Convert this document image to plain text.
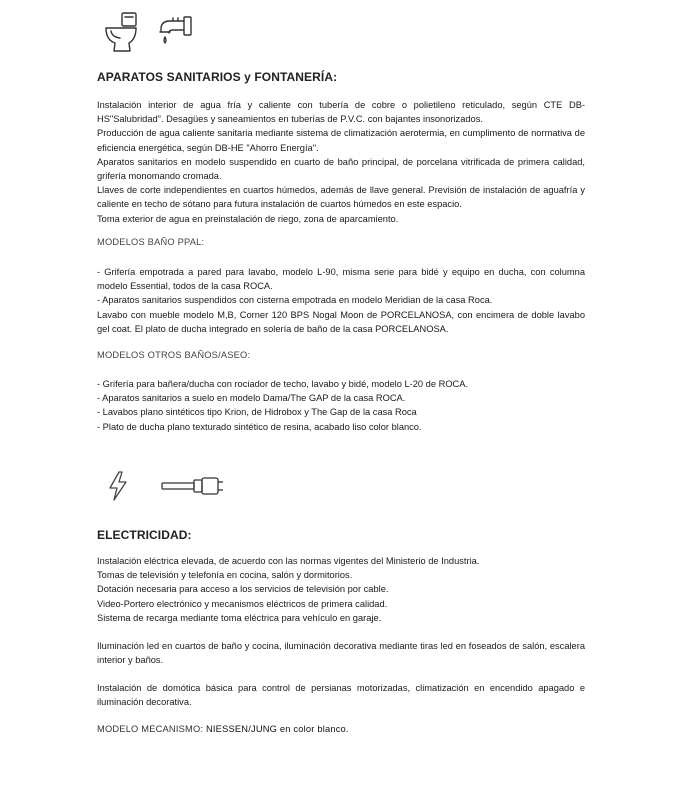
APARATOS SANITARIOS y FONTANERÍA:

Instalación interior de agua fría y caliente con tubería de cobre o polietileno reticulado, según CTE DB-HS"Salubridad". Desagües y saneamientos en tuberías de P.V.C. con bajantes insonorizados.

Producción de agua caliente sanitaria mediante sistema de climatización aerotermia, en cumplimento de normativa de eficiencia energética, según DB-HE "Ahorro Energía".

Aparatos sanitarios en modelo suspendido en cuarto de baño principal, de porcelana vitrificada de primera calidad, grifería monomando cromada.

Llaves de corte independientes en cuartos húmedos, además de llave general. Previsión de instalación de aguafría y caliente en techo de sótano para futura instalación de cuartos húmedos en este espacio.

Toma exterior de agua en preinstalación de riego, zona de aparcamiento.

MODELOS BAÑO PPAL:

- Grifería empotrada a pared para lavabo, modelo L-90, misma serie para bidé y equipo en ducha, con columna modelo Essential, todos de la casa ROCA.

- Aparatos sanitarios suspendidos con cisterna empotrada en modelo Meridian de la casa Roca.

Lavabo con mueble modelo M,B, Corner 120 BPS Nogal Moon de PORCELANOSA, con encimera de doble lavabo gel coat. El plato de ducha integrado en solería de baño de la casa PORCELANOSA.

MODELOS OTROS BAÑOS/ASEO:

- Grifería para bañera/ducha con rociador de techo, lavabo y bidé, modelo L-20 de ROCA.

- Aparatos sanitarios a suelo en modelo Dama/The GAP de la casa ROCA.

- Lavabos plano sintéticos tipo Krion, de Hidrobox y The Gap de la casa Roca

- Plato de ducha plano texturado sintético de resina, acabado liso color blanco.

ELECTRICIDAD:

Instalación eléctrica elevada, de acuerdo con las normas vigentes del Ministerio de Industria.

Tomas de televisión y telefonía en cocina, salón y dormitorios.

Dotación necesaria para acceso a los servicios de televisión por cable.

Video-Portero electrónico y mecanismos eléctricos de primera calidad.

Sistema de recarga mediante toma eléctrica para vehículo en garaje.

Iluminación led en cuartos de baño y cocina, iluminación decorativa mediante tiras led en foseados de salón, escalera interior y baños.

Instalación de domótica básica para control de persianas motorizadas, climatización en encendido apagado e iluminación decorativa.

MODELO MECANISMO: NIESSEN/JUNG en color blanco.
